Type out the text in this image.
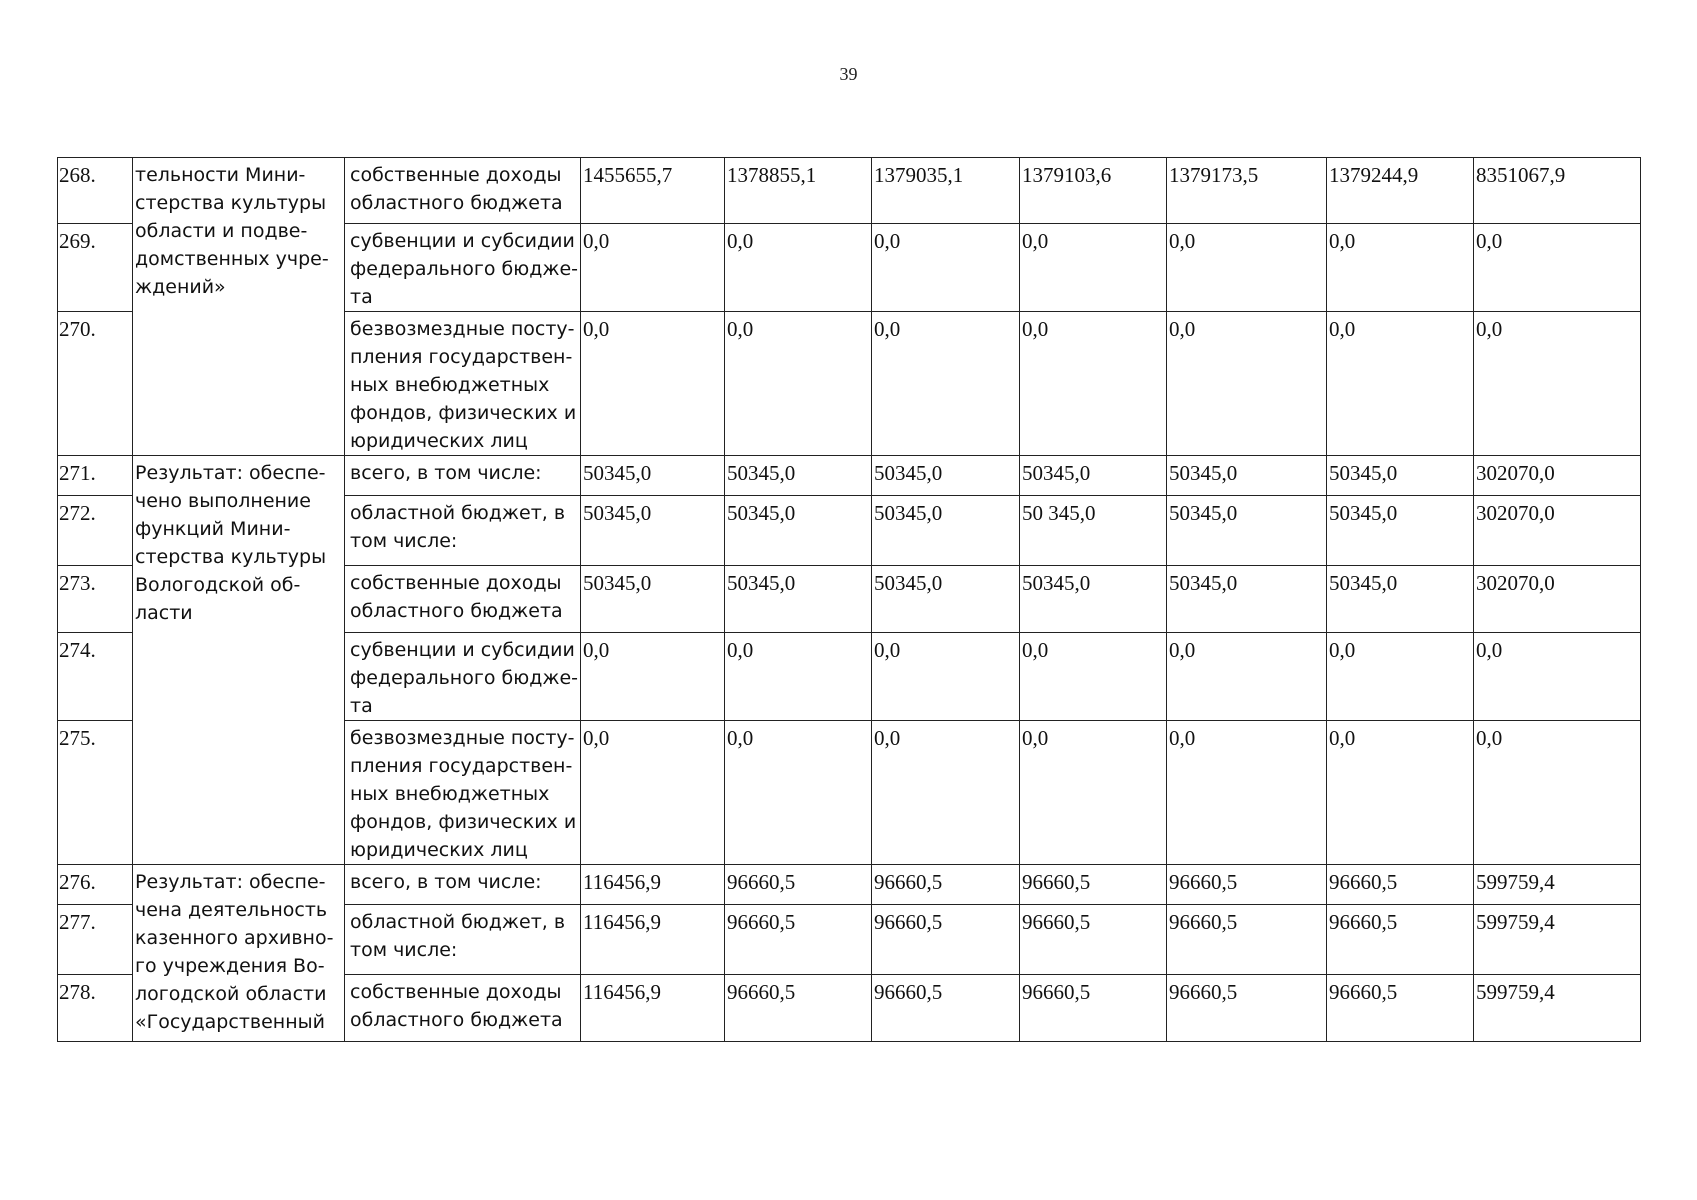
39
268.	тельности Мини-стерства культуры области и подве-домственных учре-ждений»	собственные доходы областного бюджета	1455655,7	1378855,1	1379035,1	1379103,6	1379173,5	1379244,9	8351067,9
269.		субвенции и субсидии федерального бюдже-та	0,0	0,0	0,0	0,0	0,0	0,0	0,0
270.		безвозмездные посту-пления государствен-ных внебюджетных фондов, физических и юридических лиц	0,0	0,0	0,0	0,0	0,0	0,0	0,0
271.	Результат: обеспе-чено выполнение функций Мини-стерства культуры Вологодской об-ласти	всего, в том числе:	50345,0	50345,0	50345,0	50345,0	50345,0	50345,0	302070,0
272.		областной бюджет, в том числе:	50345,0	50345,0	50345,0	50 345,0	50345,0	50345,0	302070,0
273.		собственные доходы областного бюджета	50345,0	50345,0	50345,0	50345,0	50345,0	50345,0	302070,0
274.		субвенции и субсидии федерального бюдже-та	0,0	0,0	0,0	0,0	0,0	0,0	0,0
275.		безвозмездные посту-пления государствен-ных внебюджетных фондов, физических и юридических лиц	0,0	0,0	0,0	0,0	0,0	0,0	0,0
276.	Результат: обеспе-чена деятельность казенного архивно-го учреждения Во-логодской области «Государственный	всего, в том числе:	116456,9	96660,5	96660,5	96660,5	96660,5	96660,5	599759,4
277.		областной бюджет, в том числе:	116456,9	96660,5	96660,5	96660,5	96660,5	96660,5	599759,4
278.		собственные доходы областного бюджета	116456,9	96660,5	96660,5	96660,5	96660,5	96660,5	599759,4
